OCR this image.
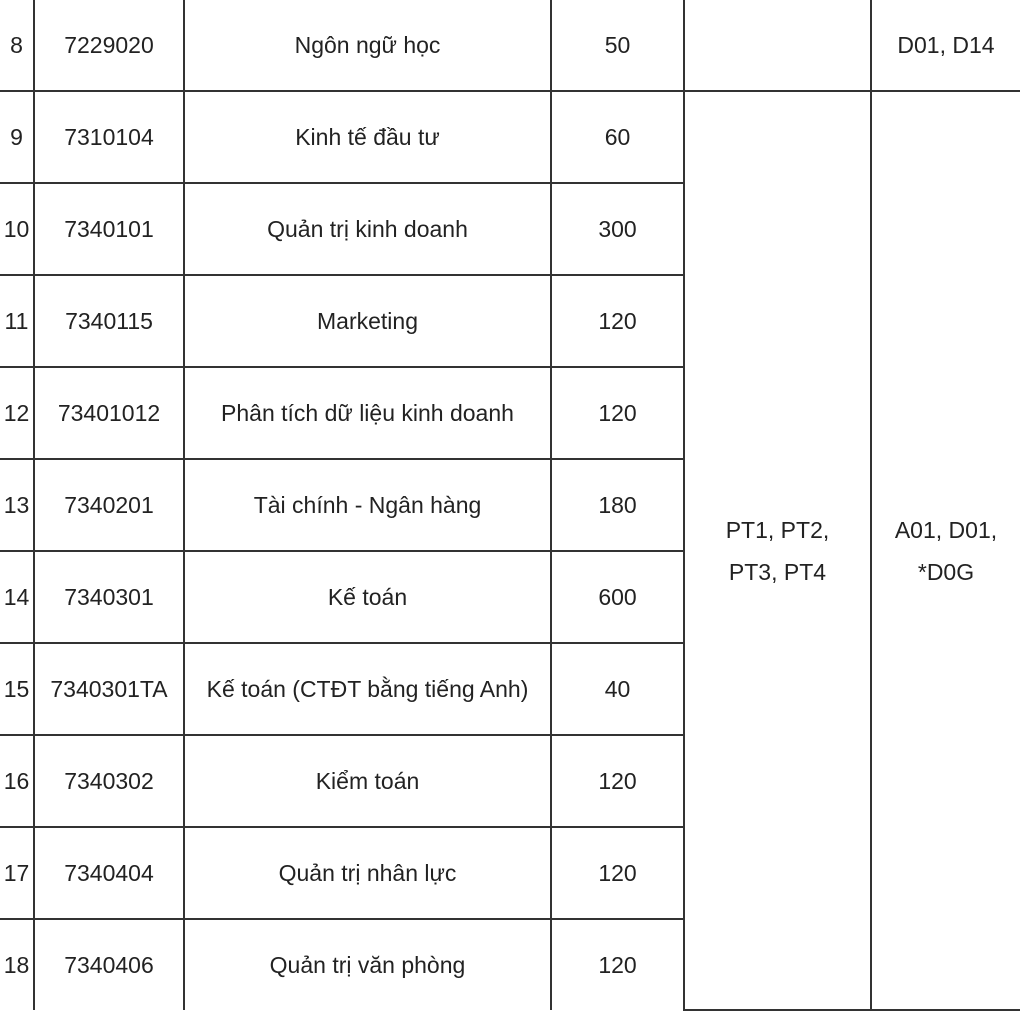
8	7229020	Ngôn ngữ học	50		D01, D14
9	7310104	Kinh tế đầu tư	60	PT1, PT2, PT3, PT4	A01, D01, *D0G
10	7340101	Quản trị kinh doanh	300		
11	7340115	Marketing	120		
12	73401012	Phân tích dữ liệu kinh doanh	120		
13	7340201	Tài chính - Ngân hàng	180		
14	7340301	Kế toán	600		
15	7340301TA	Kế toán (CTĐT bằng tiếng Anh)	40		
16	7340302	Kiểm toán	120		
17	7340404	Quản trị nhân lực	120		
18	7340406	Quản trị văn phòng	120		
